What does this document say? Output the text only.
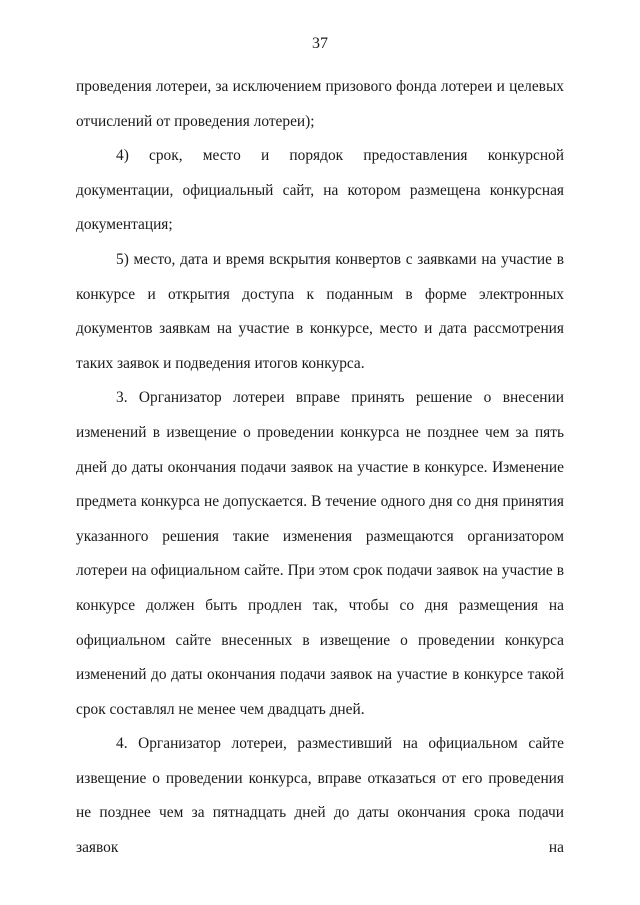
37

проведения лотереи, за исключением призового фонда лотереи и целевых отчислений от проведения лотереи);

4) срок, место и порядок предоставления конкурсной документации, официальный сайт, на котором размещена конкурсная документация;

5) место, дата и время вскрытия конвертов с заявками на участие в конкурсе и открытия доступа к поданным в форме электронных документов заявкам на участие в конкурсе, место и дата рассмотрения таких заявок и подведения итогов конкурса.

3. Организатор лотереи вправе принять решение о внесении изменений в извещение о проведении конкурса не позднее чем за пять дней до даты окончания подачи заявок на участие в конкурсе. Изменение предмета конкурса не допускается. В течение одного дня со дня принятия указанного решения такие изменения размещаются организатором лотереи на официальном сайте. При этом срок подачи заявок на участие в конкурсе должен быть продлен так, чтобы со дня размещения на официальном сайте внесенных в извещение о проведении конкурса изменений до даты окончания подачи заявок на участие в конкурсе такой срок составлял не менее чем двадцать дней.

4. Организатор лотереи, разместивший на официальном сайте извещение о проведении конкурса, вправе отказаться от его проведения не позднее чем за пятнадцать дней до даты окончания срока подачи заявок на
